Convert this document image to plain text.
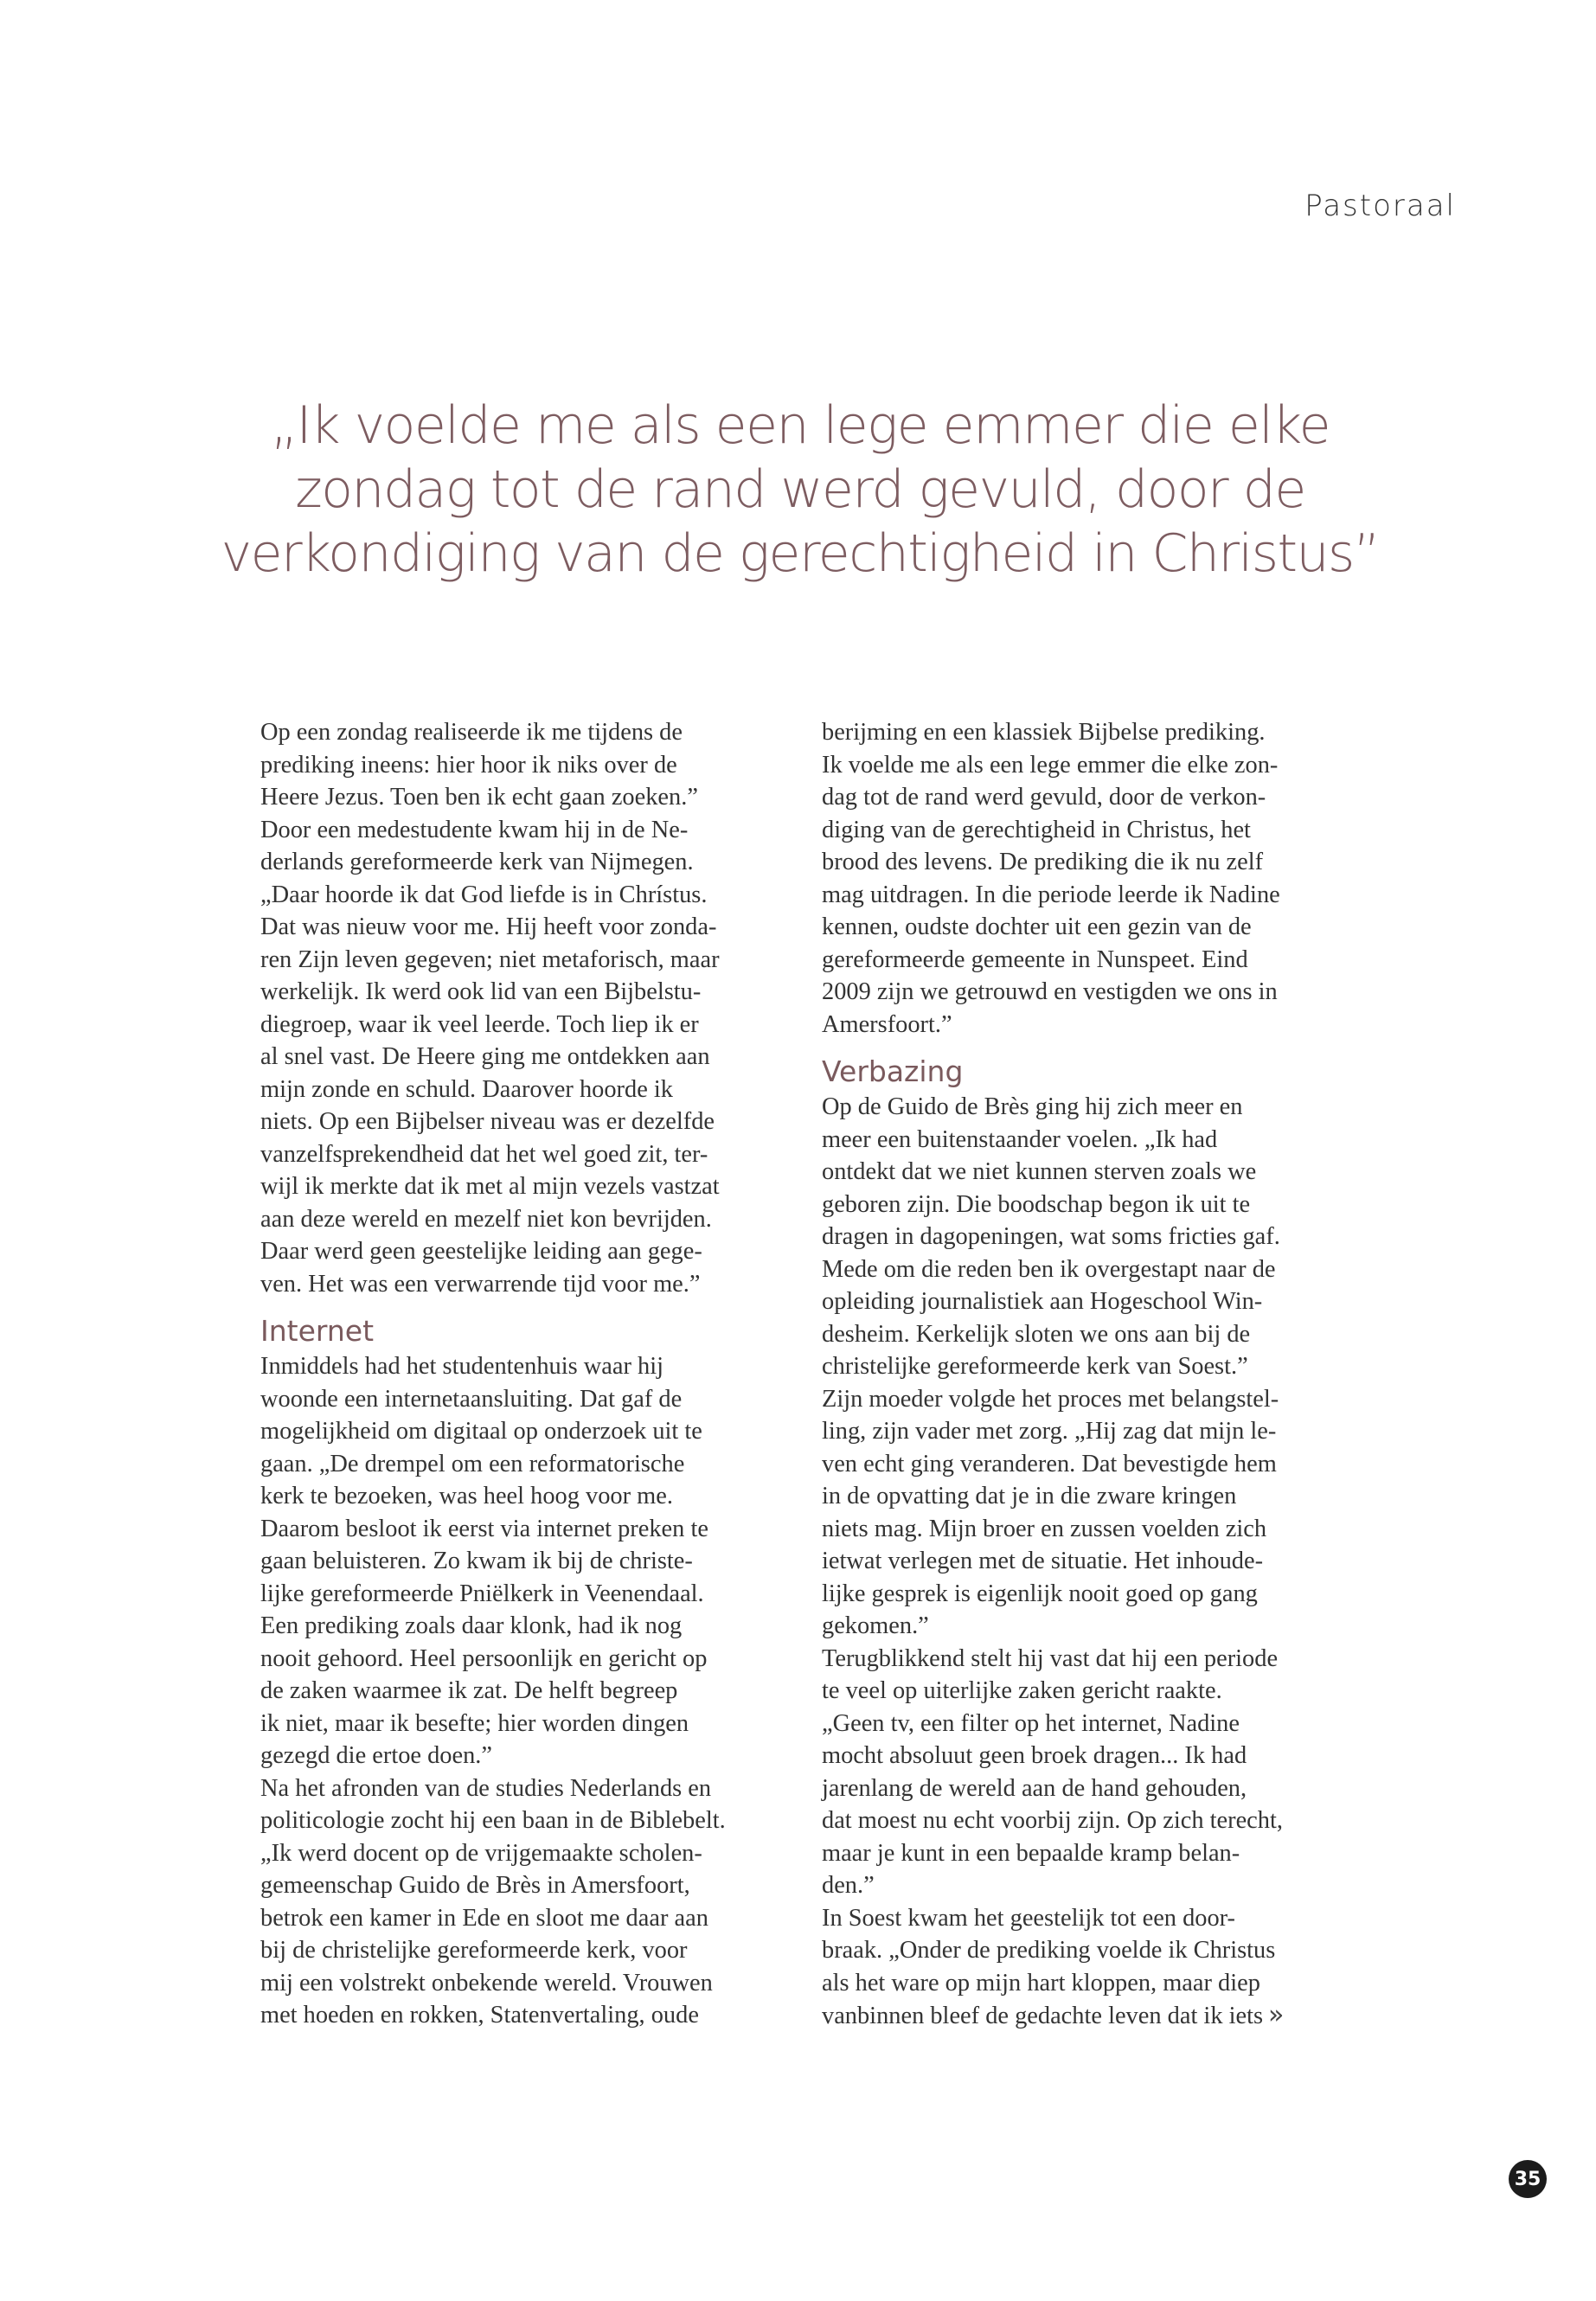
Pastoraal
„Ik voelde me als een lege emmer die elke
zondag tot de rand werd gevuld, door de
verkondiging van de gerechtigheid in Christus”

Op een zondag realiseerde ik me tijdens de
prediking ineens: hier hoor ik niks over de
Heere Jezus. Toen ben ik echt gaan zoeken.”
Door een medestudente kwam hij in de Ne-
derlands gereformeerde kerk van Nijmegen.
„Daar hoorde ik dat God liefde is in Chrístus.
Dat was nieuw voor me. Hij heeft voor zonda-
ren Zijn leven gegeven; niet metaforisch, maar
werkelijk. Ik werd ook lid van een Bijbelstu-
diegroep, waar ik veel leerde. Toch liep ik er
al snel vast. De Heere ging me ontdekken aan
mijn zonde en schuld. Daarover hoorde ik
niets. Op een Bijbelser niveau was er dezelfde
vanzelfsprekendheid dat het wel goed zit, ter-
wijl ik merkte dat ik met al mijn vezels vastzat
aan deze wereld en mezelf niet kon bevrijden.
Daar werd geen geestelijke leiding aan gege-
ven. Het was een verwarrende tijd voor me.”

Internet

Inmiddels had het studentenhuis waar hij
woonde een internetaansluiting. Dat gaf de
mogelijkheid om digitaal op onderzoek uit te
gaan. „De drempel om een reformatorische
kerk te bezoeken, was heel hoog voor me.
Daarom besloot ik eerst via internet preken te
gaan beluisteren. Zo kwam ik bij de christe-
lijke gereformeerde Pniëlkerk in Veenendaal.
Een prediking zoals daar klonk, had ik nog
nooit gehoord. Heel persoonlijk en gericht op
de zaken waarmee ik zat. De helft begreep
ik niet, maar ik besefte; hier worden dingen
gezegd die ertoe doen.”
Na het afronden van de studies Nederlands en
politicologie zocht hij een baan in de Biblebelt.
„Ik werd docent op de vrijgemaakte scholen-
gemeenschap Guido de Brès in Amersfoort,
betrok een kamer in Ede en sloot me daar aan
bij de christelijke gereformeerde kerk, voor
mij een volstrekt onbekende wereld. Vrouwen
met hoeden en rokken, Statenvertaling, oude

berijming en een klassiek Bijbelse prediking.
Ik voelde me als een lege emmer die elke zon-
dag tot de rand werd gevuld, door de verkon-
diging van de gerechtigheid in Christus, het
brood des levens. De prediking die ik nu zelf
mag uitdragen. In die periode leerde ik Nadine
kennen, oudste dochter uit een gezin van de
gereformeerde gemeente in Nunspeet. Eind
2009 zijn we getrouwd en vestigden we ons in
Amersfoort.”

Verbazing

Op de Guido de Brès ging hij zich meer en
meer een buitenstaander voelen. „Ik had
ontdekt dat we niet kunnen sterven zoals we
geboren zijn. Die boodschap begon ik uit te
dragen in dagopeningen, wat soms fricties gaf.
Mede om die reden ben ik overgestapt naar de
opleiding journalistiek aan Hogeschool Win-
desheim. Kerkelijk sloten we ons aan bij de
christelijke gereformeerde kerk van Soest.”
Zijn moeder volgde het proces met belangstel-
ling, zijn vader met zorg. „Hij zag dat mijn le-
ven echt ging veranderen. Dat bevestigde hem
in de opvatting dat je in die zware kringen
niets mag. Mijn broer en zussen voelden zich
ietwat verlegen met de situatie. Het inhoude-
lijke gesprek is eigenlijk nooit goed op gang
gekomen.”
Terugblikkend stelt hij vast dat hij een periode
te veel op uiterlijke zaken gericht raakte.
„Geen tv, een filter op het internet, Nadine
mocht absoluut geen broek dragen... Ik had
jarenlang de wereld aan de hand gehouden,
dat moest nu echt voorbij zijn. Op zich terecht,
maar je kunt in een bepaalde kramp belan-
den.”
In Soest kwam het geestelijk tot een door-
braak. „Onder de prediking voelde ik Christus
als het ware op mijn hart kloppen, maar diep
vanbinnen bleef de gedachte leven dat ik iets »

35
